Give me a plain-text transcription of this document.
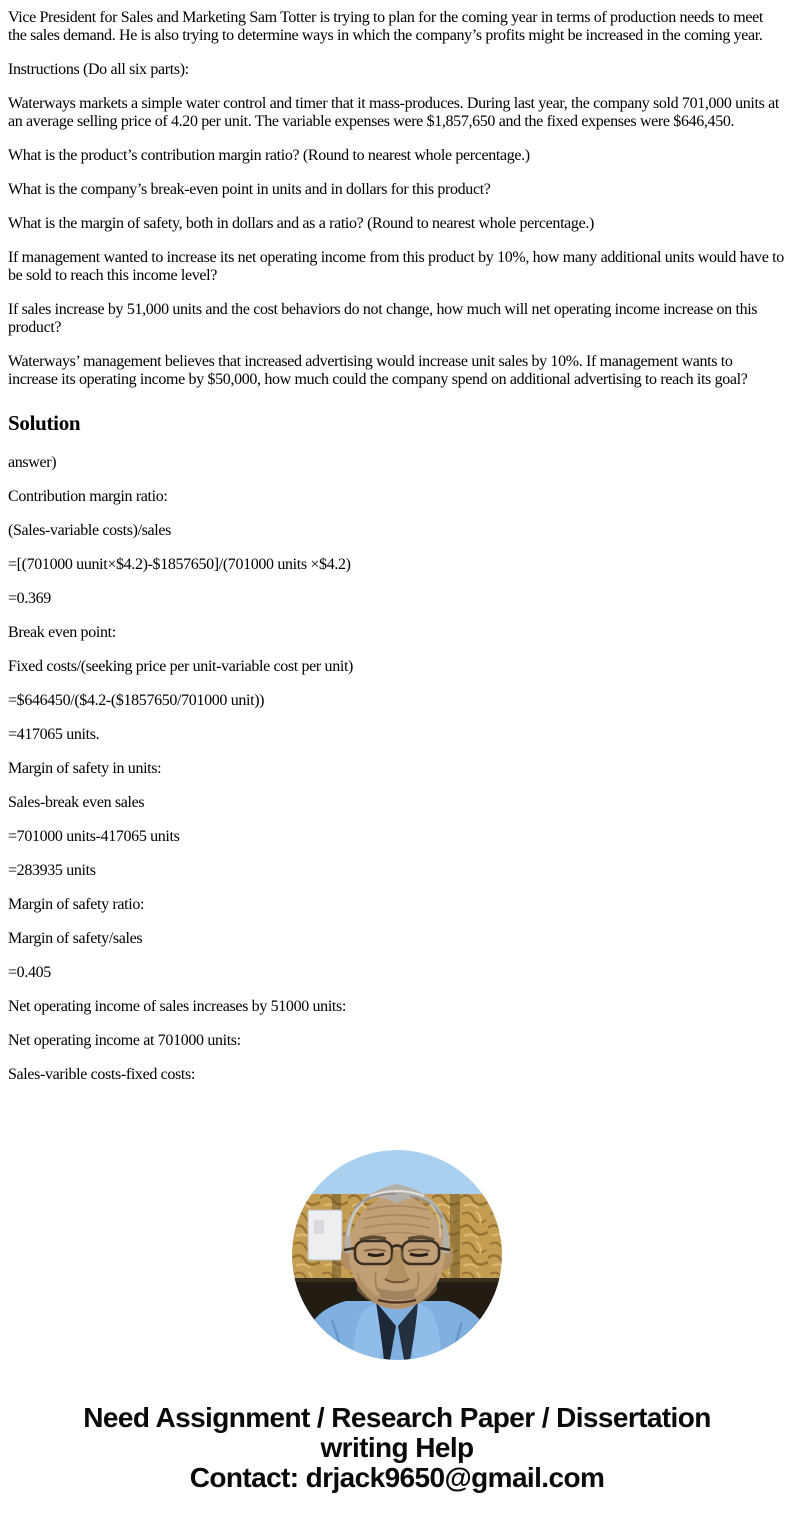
Vice President for Sales and Marketing Sam Totter is trying to plan for the coming year in terms of production needs to meet the sales demand. He is also trying to determine ways in which the company’s profits might be increased in the coming year.

Instructions (Do all six parts):

Waterways markets a simple water control and timer that it mass-produces. During last year, the company sold 701,000 units at an average selling price of 4.20 per unit. The variable expenses were $1,857,650 and the fixed expenses were $646,450.

What is the product’s contribution margin ratio? (Round to nearest whole percentage.)

What is the company’s break-even point in units and in dollars for this product?

What is the margin of safety, both in dollars and as a ratio? (Round to nearest whole percentage.)

If management wanted to increase its net operating income from this product by 10%, how many additional units would have to be sold to reach this income level?

If sales increase by 51,000 units and the cost behaviors do not change, how much will net operating income increase on this product?

Waterways’ management believes that increased advertising would increase unit sales by 10%. If management wants to increase its operating income by $50,000, how much could the company spend on additional advertising to reach its goal?

Solution

answer)

Contribution margin ratio:

(Sales-variable costs)/sales

=[(701000 uunit×$4.2)-$1857650]/(701000 units ×$4.2)

=0.369

Break even point:

Fixed costs/(seeking price per unit-variable cost per unit)

=$646450/($4.2-($1857650/701000 unit))

=417065 units.

Margin of safety in units:

Sales-break even sales

=701000 units-417065 units

=283935 units

Margin of safety ratio:

Margin of safety/sales

=0.405

Net operating income of sales increases by 51000 units:

Net operating income at 701000 units:

Sales-varible costs-fixed costs:

Need Assignment / Research Paper / Dissertation
writing Help
Contact: drjack9650@gmail.com
